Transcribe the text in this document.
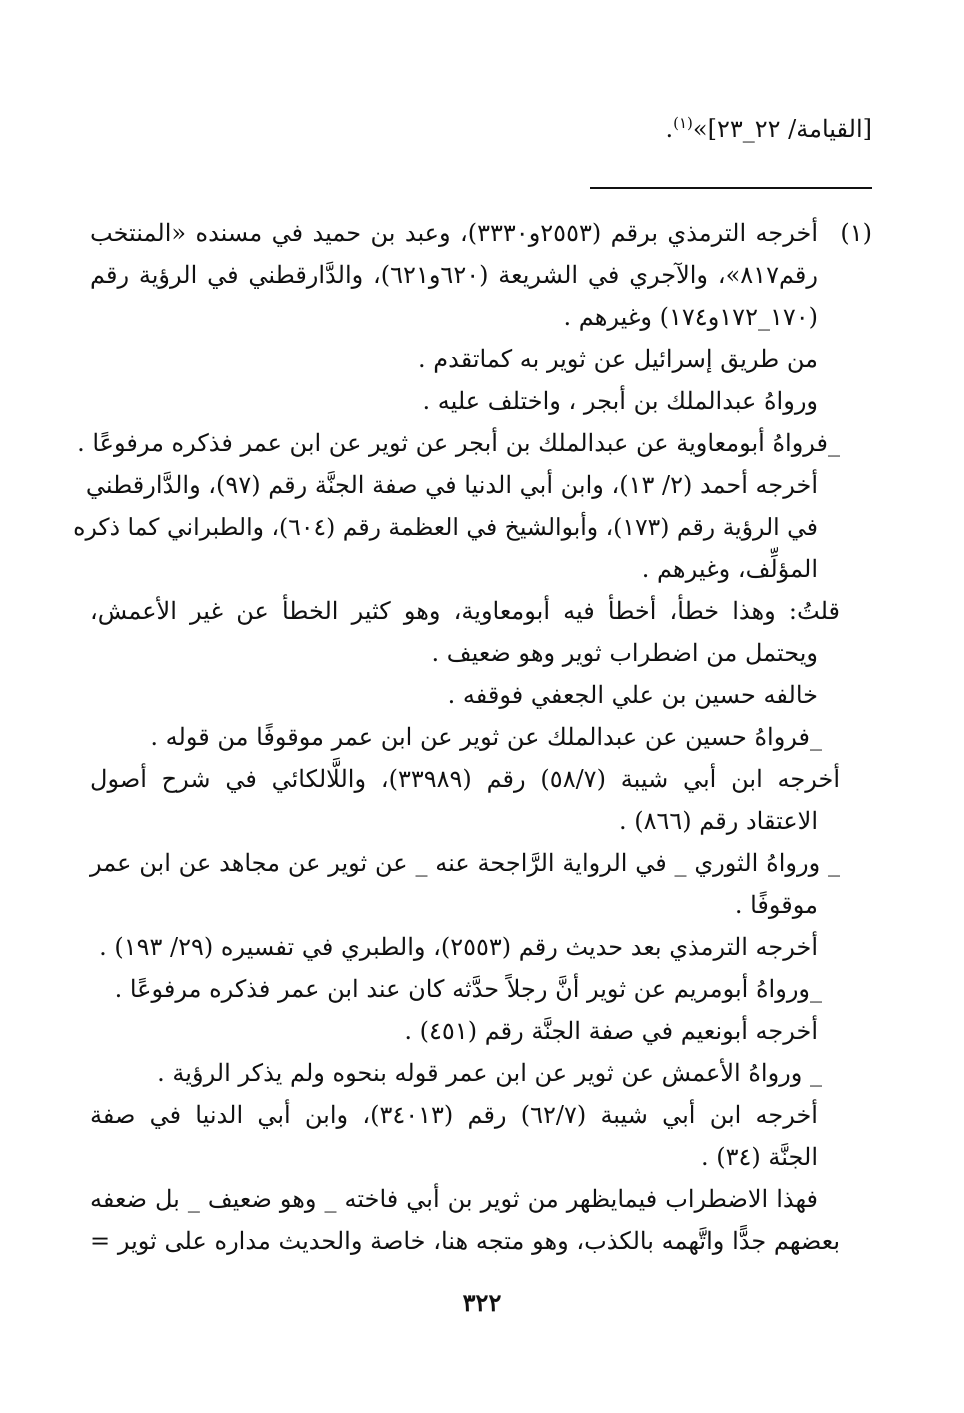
[القيامة/ ٢٢_٢٣]»$^{(١)}$.
(١)
أخرجه الترمذي برقم (٢٥٥٣و٣٣٣٠)، وعبد بن حميد في مسنده «المنتخب
رقم٨١٧»، والآجري في الشريعة (٦٢٠و٦٢١)، والدَّارقطني في الرؤية رقم
(١٧٠_١٧٢و١٧٤) وغيرهم .
من طريق إسرائيل عن ثوير به كماتقدم .
ورواهُ عبدالملك بن أبجر ، واختلف عليه .
_فرواهُ أبومعاوية عن عبدالملك بن أبجر عن ثوير عن ابن عمر فذكره مرفوعًا .
أخرجه أحمد (٢/ ١٣)، وابن أبي الدنيا في صفة الجنَّة رقم (٩٧)، والدَّارقطني
في الرؤية رقم (١٧٣)، وأبوالشيخ في العظمة رقم (٦٠٤)، والطبراني كما ذكره
المؤلِّف، وغيرهم .
قلتُ: وهذا خطأ، أخطأ فيه أبومعاوية، وهو كثير الخطأ عن غير الأعمش،
ويحتمل من اضطراب ثوير وهو ضعيف .
خالفه حسين بن علي الجعفي فوقفه .
_فرواهُ حسين عن عبدالملك عن ثوير عن ابن عمر موقوفًا من قوله .
أخرجه ابن أبي شيبة (٥٨/٧) رقم (٣٣٩٨٩)، واللَّالكائي في شرح أصول
الاعتقاد رقم (٨٦٦) .
_ ورواهُ الثوري _ في الرواية الرَّاجحة عنه _ عن ثوير عن مجاهد عن ابن عمر
موقوفًا .
أخرجه الترمذي بعد حديث رقم (٢٥٥٣)، والطبري في تفسيره (٢٩/ ١٩٣) .
_ورواهُ أبومريم عن ثوير أنَّ رجلاً حدَّثه كان عند ابن عمر فذكره مرفوعًا .
أخرجه أبونعيم في صفة الجنَّة رقم (٤٥١) .
_ ورواهُ الأعمش عن ثوير عن ابن عمر قوله بنحوه ولم يذكر الرؤية .
أخرجه ابن أبي شيبة (٦٢/٧) رقم (٣٤٠١٣)، وابن أبي الدنيا في صفة
الجنَّة (٣٤) .
فهذا الاضطراب فيمايظهر من ثوير بن أبي فاخته _ وهو ضعيف _ بل ضعفه
بعضهم جدًّا واتَّهمه بالكذب، وهو متجه هنا، خاصة والحديث مداره على ثوير =
٣٢٢
